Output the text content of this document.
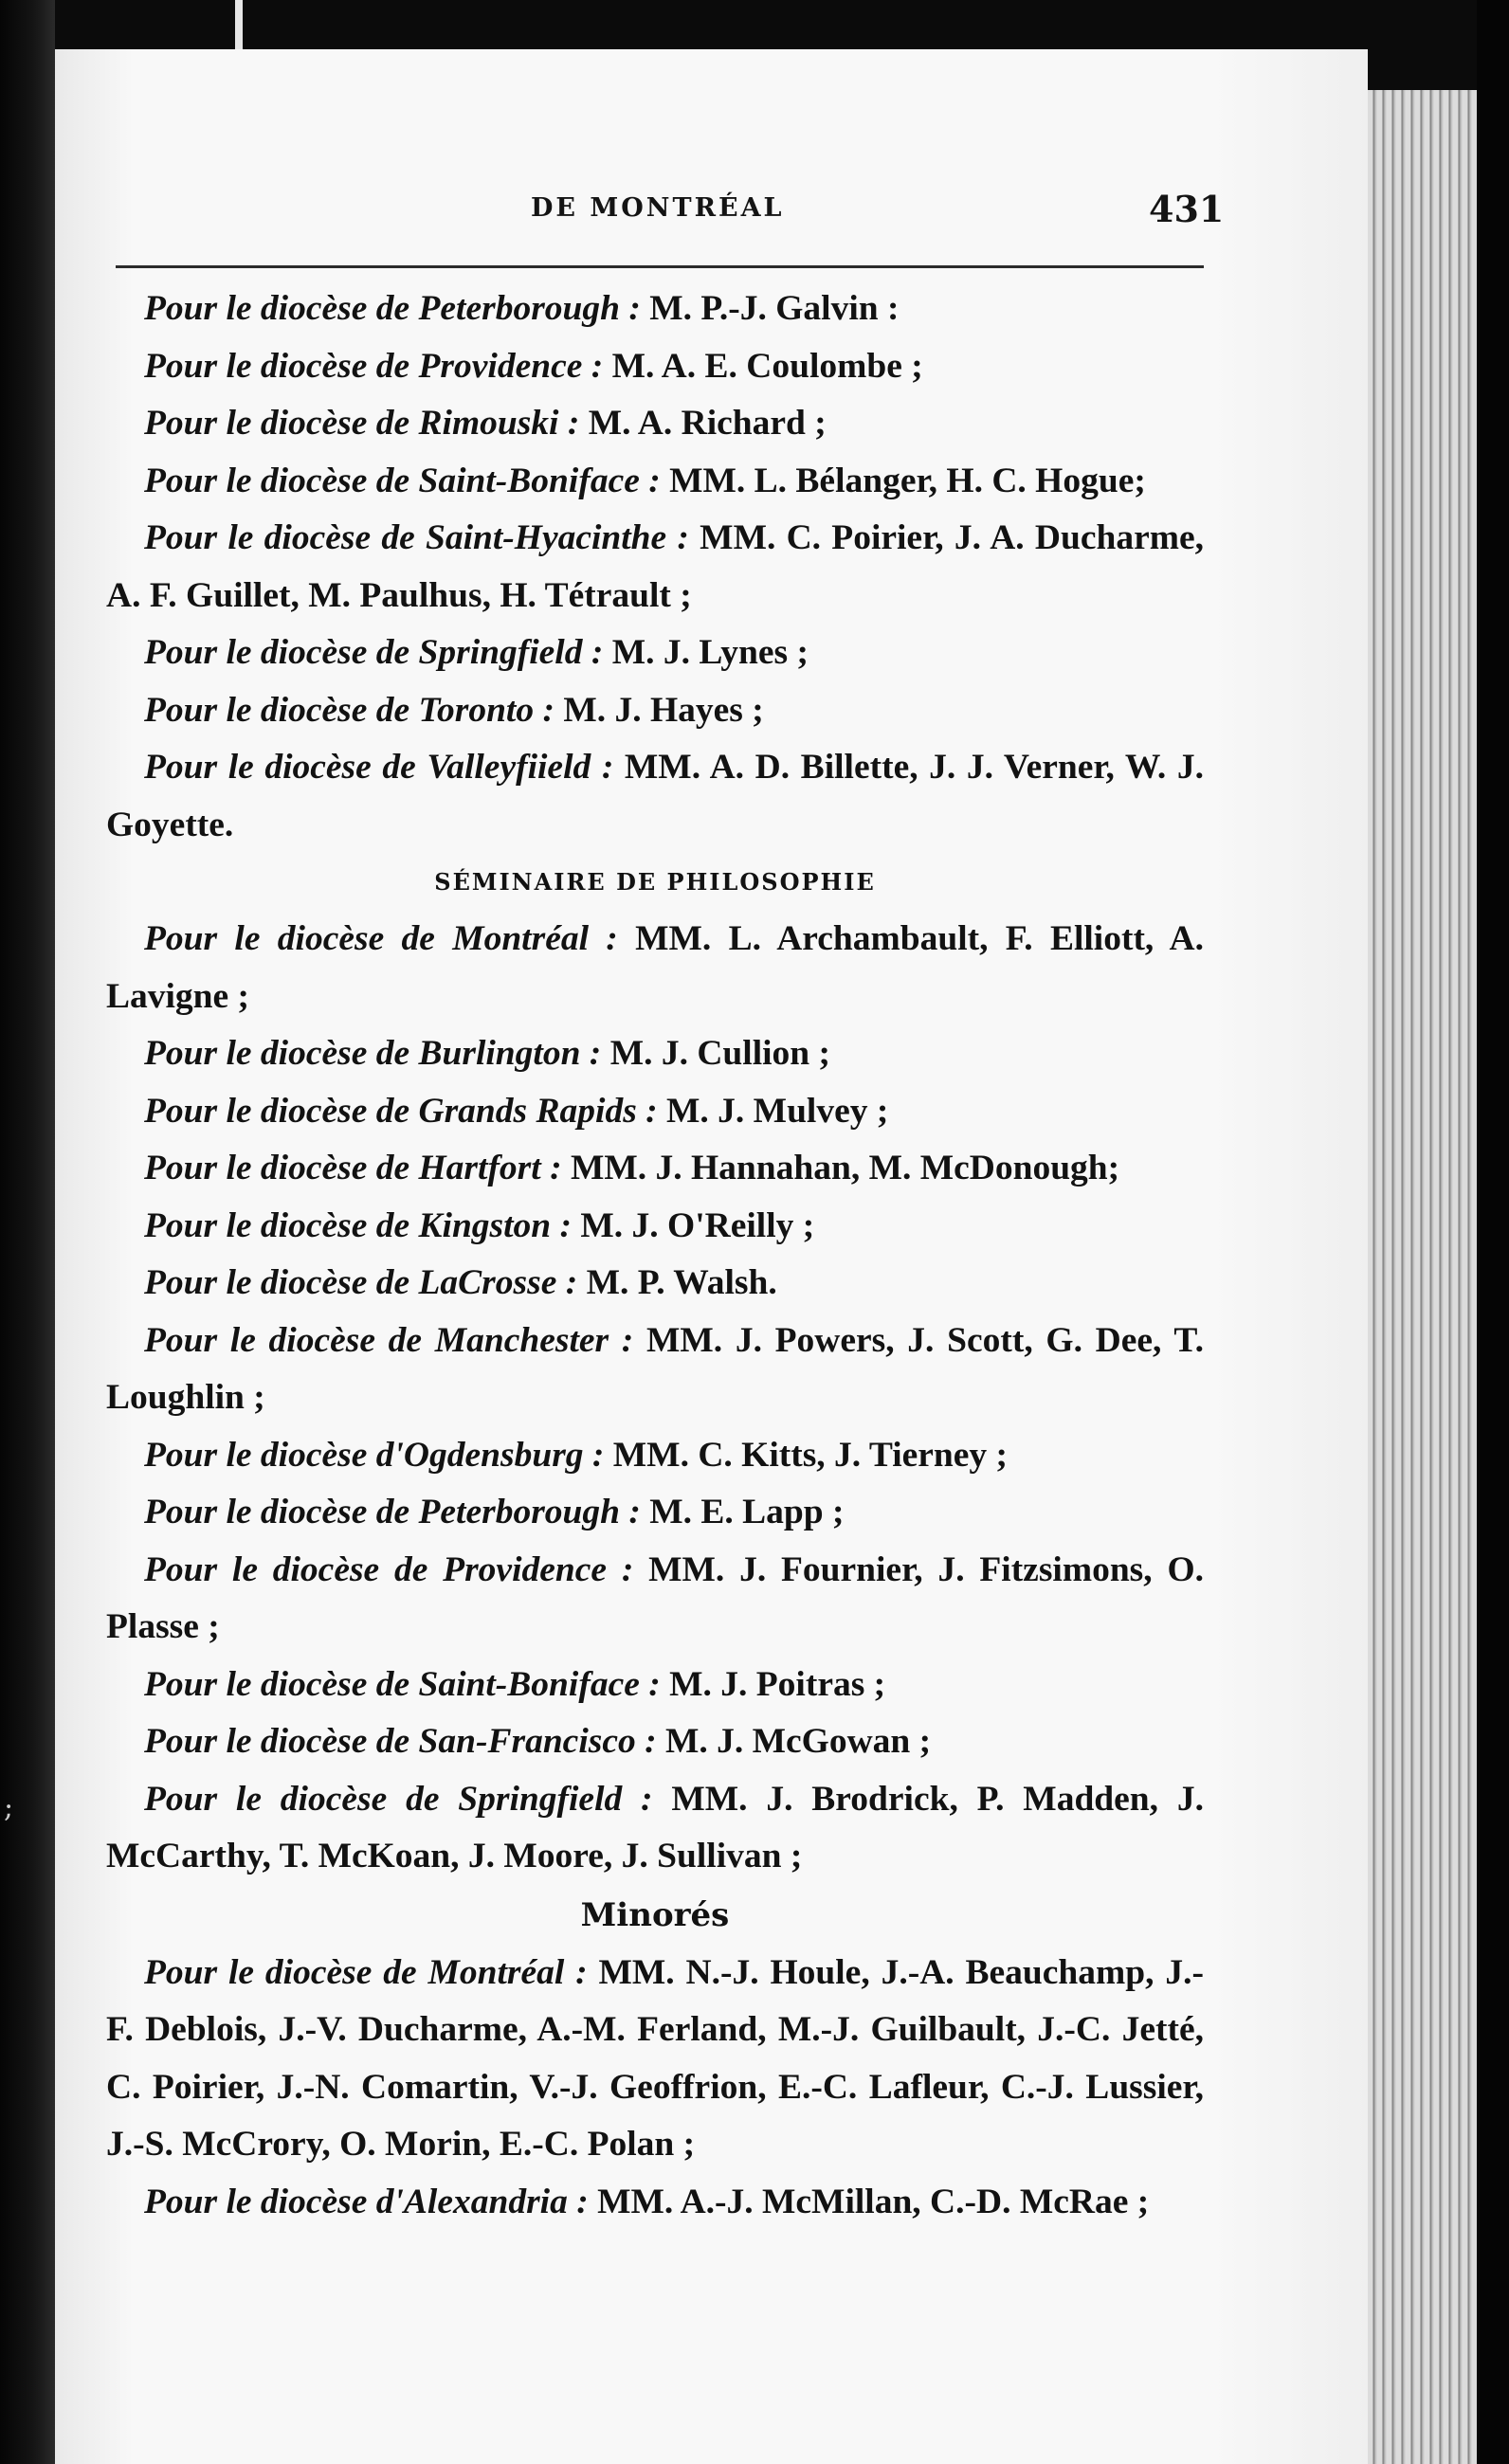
;
DE MONTRÉAL	431

Pour le diocèse de Peterborough : M. P.-J. Galvin :

Pour le diocèse de Providence : M. A. E. Coulombe ;

Pour le diocèse de Rimouski : M. A. Richard ;

Pour le diocèse de Saint-Boniface : MM. L. Bélanger, H. C. Hogue;

Pour le diocèse de Saint-Hyacinthe : MM. C. Poirier, J. A. Ducharme, A. F. Guillet, M. Paulhus, H. Tétrault ;

Pour le diocèse de Springfield : M. J. Lynes ;

Pour le diocèse de Toronto : M. J. Hayes ;

Pour le diocèse de Valleyfiield : MM. A. D. Billette, J. J. Verner, W. J. Goyette.

SÉMINAIRE DE PHILOSOPHIE

Pour le diocèse de Montréal : MM. L. Archambault, F. Elliott, A. Lavigne ;

Pour le diocèse de Burlington : M. J. Cullion ;

Pour le diocèse de Grands Rapids : M. J. Mulvey ;

Pour le diocèse de Hartfort : MM. J. Hannahan, M. McDonough;

Pour le diocèse de Kingston : M. J. O'Reilly ;

Pour le diocèse de LaCrosse : M. P. Walsh.

Pour le diocèse de Manchester : MM. J. Powers, J. Scott, G. Dee, T. Loughlin ;

Pour le diocèse d'Ogdensburg : MM. C. Kitts, J. Tierney ;

Pour le diocèse de Peterborough : M. E. Lapp ;

Pour le diocèse de Providence : MM. J. Fournier, J. Fitzsimons, O. Plasse ;

Pour le diocèse de Saint-Boniface : M. J. Poitras ;

Pour le diocèse de San-Francisco : M. J. McGowan ;

Pour le diocèse de Springfield : MM. J. Brodrick, P. Madden, J. McCarthy, T. McKoan, J. Moore, J. Sullivan ;

Minorés

Pour le diocèse de Montréal : MM. N.-J. Houle, J.-A. Beauchamp, J.-F. Deblois, J.-V. Ducharme, A.-M. Ferland, M.-J. Guilbault, J.-C. Jetté, C. Poirier, J.-N. Comartin, V.-J. Geoffrion, E.-C. Lafleur, C.-J. Lussier, J.-S. McCrory, O. Morin, E.-C. Polan ;

Pour le diocèse d'Alexandria : MM. A.-J. McMillan, C.-D. McRae ;
